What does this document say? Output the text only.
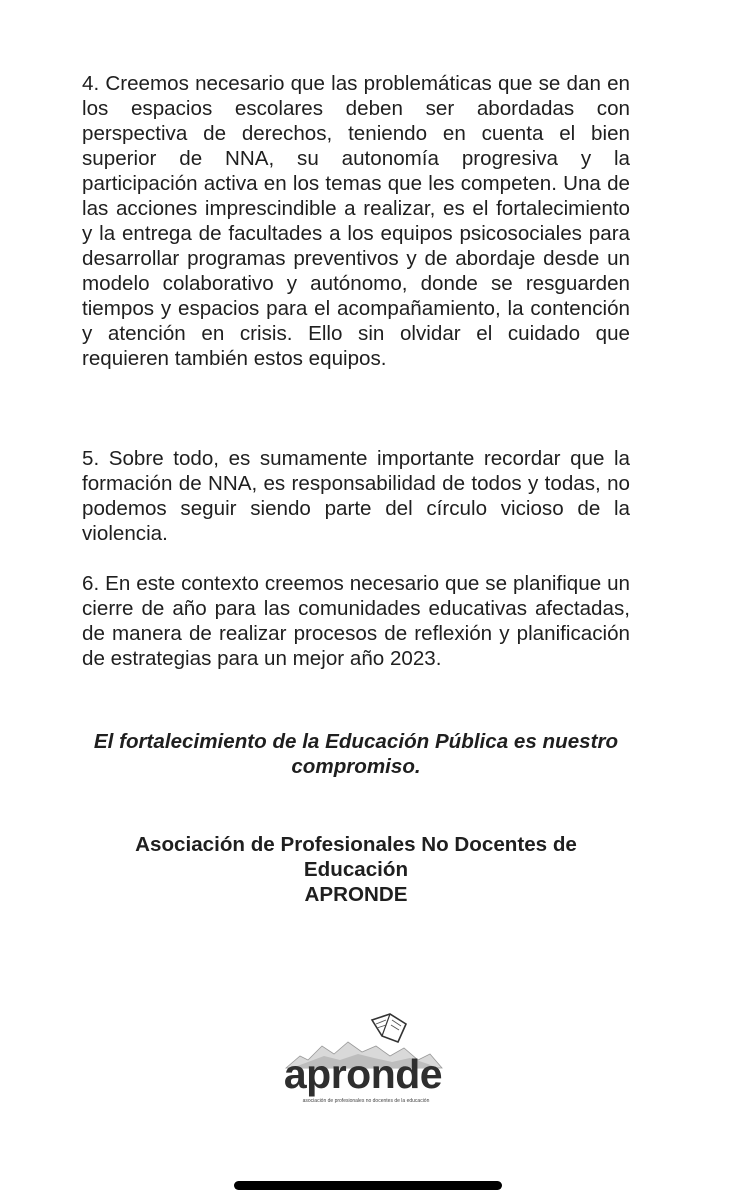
4. Creemos necesario que las problemáticas que se dan en los espacios escolares deben ser abordadas con perspectiva de derechos, teniendo en cuenta el bien superior de NNA, su autonomía progresiva y la participación activa en los temas que les competen. Una de las acciones imprescindible a realizar, es el fortalecimiento y la entrega de facultades a los equipos psicosociales para desarrollar programas preventivos y de abordaje desde un modelo colaborativo y autónomo, donde se resguarden tiempos y espacios para el acompañamiento, la contención y atención en crisis. Ello sin olvidar el cuidado que requieren también estos equipos.

5. Sobre todo, es sumamente importante recordar que la formación de NNA, es responsabilidad de todos y todas, no podemos seguir siendo parte del círculo vicioso de la violencia.

6. En este contexto creemos necesario que se planifique un cierre de año para las comunidades educativas afectadas, de manera de realizar procesos de reflexión y planificación de estrategias para un mejor año 2023.

El fortalecimiento de la Educación Pública es nuestro compromiso.

Asociación de Profesionales No Docentes de
Educación
APRONDE
apronde
asociación de profesionales no docentes de la educación
